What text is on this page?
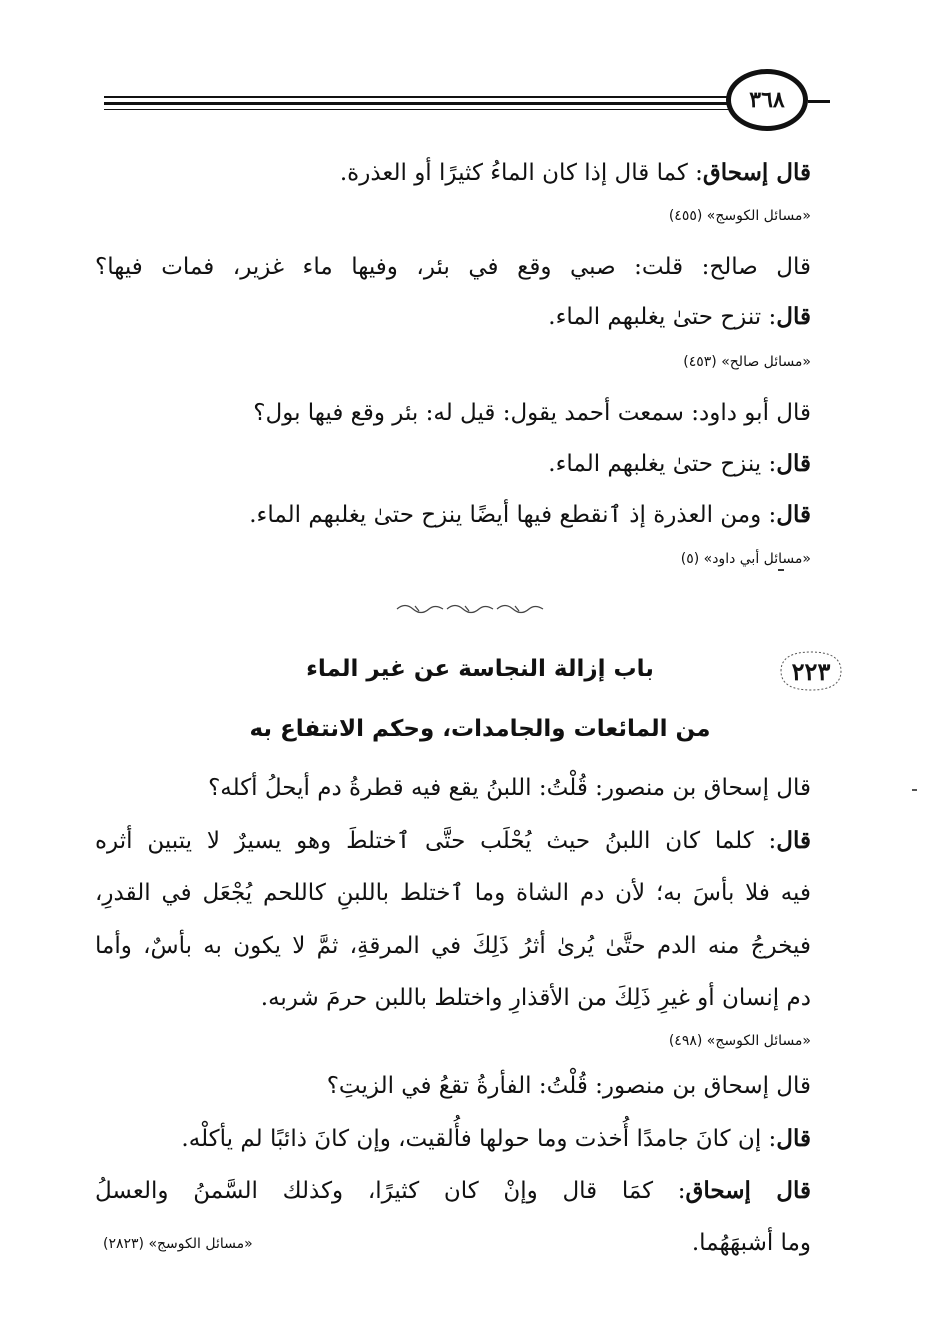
٣٦٨
قال إسحاق: كما قال إذا كان الماءُ كثيرًا أو العذرة.
«مسائل الكوسج» (٤٥٥)
قال صالح: قلت: صبي وقع في بئر، وفيها ماء غزير، فمات فيها؟
قال: تنزح حتىٰ يغلبهم الماء.
«مسائل صالح» (٤٥٣)
قال أبو داود: سمعت أحمد يقول: قيل له: بئر وقع فيها بول؟
قال: ينزح حتىٰ يغلبهم الماء.
قال: ومن العذرة إذ ٱنقطع فيها أيضًا ينزح حتىٰ يغلبهم الماء.
«مسائل أبي داود» (٥)
٢٢٣
باب إزالة النجاسة عن غير الماء
من المائعات والجامدات، وحكم الانتفاع به
قال إسحاق بن منصور: قُلْتُ: اللبنُ يقع فيه قطرةُ دم أيحلُ أكله؟
قال: كلما كان اللبنُ حيث يُحْلَب حتَّى ٱختلطَ وهو يسيرٌ لا يتبين أثره
فيه فلا بأسَ به؛ لأن دم الشاة وما ٱختلط باللبنِ كاللحم يُجْعَل في القدرِ،
فيخرجُ منه الدم حتَّىٰ يُرىٰ أثرُ ذَلِكَ في المرقةِ، ثمَّ لا يكون به بأسٌ، وأما
دم إنسان أو غيرِ ذَلِكَ من الأقذارِ واختلط باللبن حرمَ شربه.
«مسائل الكوسج» (٤٩٨)
قال إسحاق بن منصور: قُلْتُ: الفأرةُ تقعُ في الزيتِ؟
قال: إن كانَ جامدًا أُخذت وما حولها فأُلقيت، وإن كانَ ذائبًا لم يأكلْه.
قال إسحاق: كمَا قال وإنْ كان كثيرًا، وكذلك السَّمنُ والعسلُ
وما أشبهَهُما.
«مسائل الكوسج» (٢٨٢٣)
